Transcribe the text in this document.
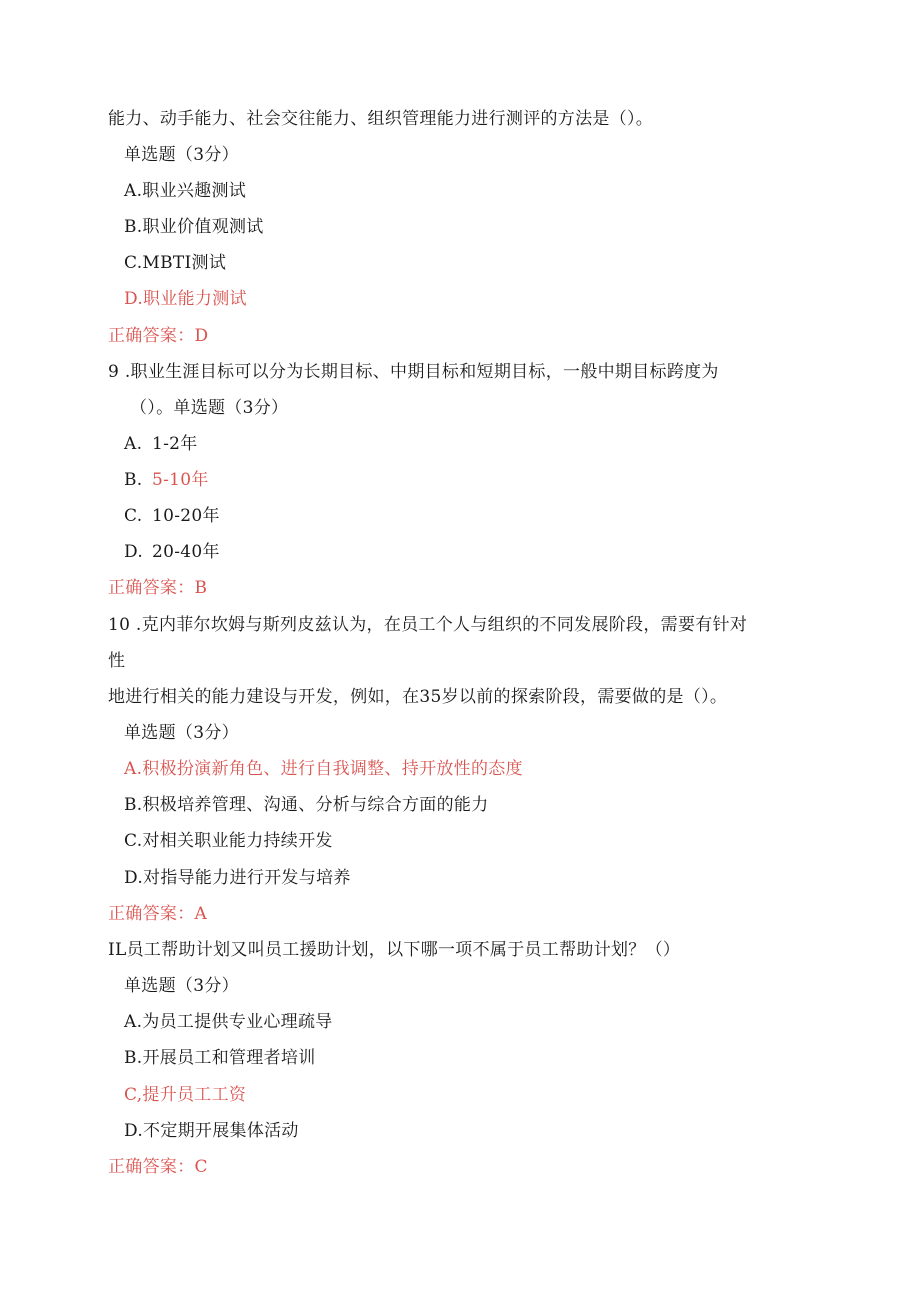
能力、动手能力、社会交往能力、组织管理能力进行测评的方法是（）。
单选题（3分）
A.职业兴趣测试
B.职业价值观测试
C.MBTI测试
D.职业能力测试
正确答案：D
9 .职业生涯目标可以分为长期目标、中期目标和短期目标，一般中期目标跨度为
（）。单选题（3分）
A. 1-2年
B. 5-10年
C. 10-20年
D. 20-40年
正确答案：B
10 .克内菲尔坎姆与斯列皮兹认为，在员工个人与组织的不同发展阶段，需要有针对
性
地进行相关的能力建设与开发，例如，在35岁以前的探索阶段，需要做的是（）。
单选题（3分）
A.积极扮演新角色、进行自我调整、持开放性的态度
B.积极培养管理、沟通、分析与综合方面的能力
C.对相关职业能力持续开发
D.对指导能力进行开发与培养
正确答案：A
IL员工帮助计划又叫员工援助计划，以下哪一项不属于员工帮助计划？（）
单选题（3分）
A.为员工提供专业心理疏导
B.开展员工和管理者培训
C,提升员工工资
D.不定期开展集体活动
正确答案：C
